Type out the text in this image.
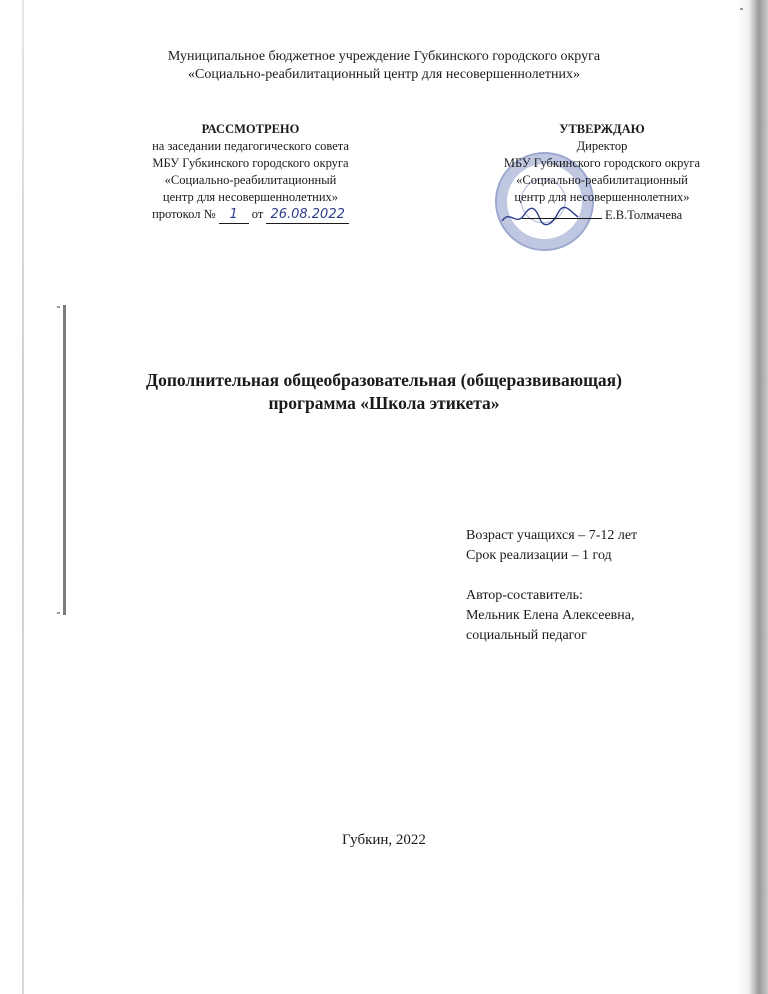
Муниципальное бюджетное учреждение Губкинского городского округа
«Социально-реабилитационный центр для несовершеннолетних»
РАССМОТРЕНО
на заседании педагогического совета
МБУ Губкинского городского округа
«Социально-реабилитационный
центр для несовершеннолетних»
протокол № 1 от 26.08.2022
УТВЕРЖДАЮ
Директор
МБУ Губкинского городского округа
«Социально-реабилитационный
центр для несовершеннолетних»
Е.В.Толмачева
Дополнительная общеобразовательная (общеразвивающая)
программа «Школа этикета»
Возраст учащихся – 7-12 лет
Срок реализации – 1 год
Автор-составитель:
Мельник Елена Алексеевна,
социальный педагог
Губкин, 2022
